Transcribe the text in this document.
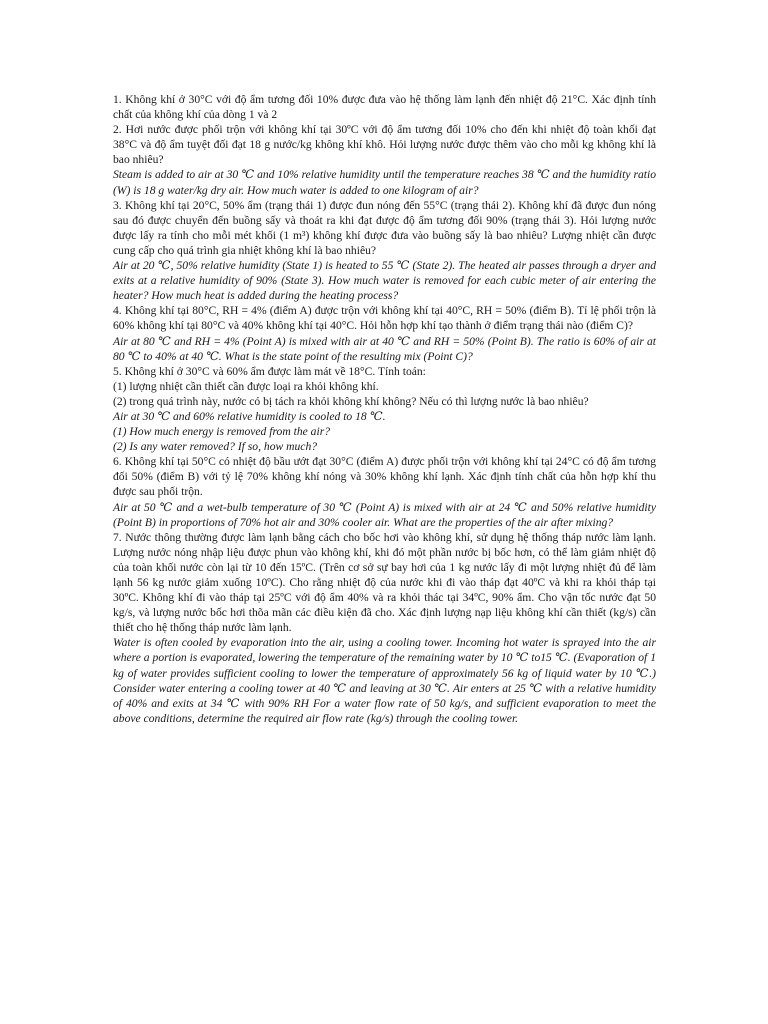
1. Không khí ở 30°C với độ ẩm tương đối 10% được đưa vào hệ thống làm lạnh đến nhiệt độ 21°C. Xác định tính chất của không khí của dòng 1 và 2

2. Hơi nước được phối trộn với không khí tại 30ºC với độ ẩm tương đối 10% cho đến khi nhiệt độ toàn khối đạt 38°C và độ ẩm tuyệt đối đạt 18 g nước/kg không khí khô. Hỏi lượng nước được thêm vào cho mỗi kg không khí là bao nhiêu?

Steam is added to air at 30 ℃ and 10% relative humidity until the temperature reaches 38 ℃ and the humidity ratio (W) is 18 g water/kg dry air. How much water is added to one kilogram of air?

3. Không khí tại 20°C, 50% ẩm (trạng thái 1) được đun nóng đến 55°C (trạng thái 2). Không khí đã được đun nóng sau đó được chuyển đến buồng sấy và thoát ra khi đạt được độ ẩm tương đối 90% (trạng thái 3). Hỏi lượng nước được lấy ra tính cho mỗi mét khối (1 m³) không khí được đưa vào buồng sấy là bao nhiêu? Lượng nhiệt cần được cung cấp cho quá trình gia nhiệt không khí là bao nhiêu?

Air at 20 ℃, 50% relative humidity (State 1) is heated to 55 ℃ (State 2). The heated air passes through a dryer and exits at a relative humidity of 90% (State 3). How much water is removed for each cubic meter of air entering the heater? How much heat is added during the heating process?

4. Không khí tại 80°C, RH = 4% (điểm A) được trộn với không khí tại 40°C, RH = 50% (điểm B). Tỉ lệ phối trộn là 60% không khí tại 80°C và 40% không khí tại 40°C. Hỏi hỗn hợp khí tạo thành ở điểm trạng thái nào (điểm C)?

Air at 80 ℃ and RH = 4% (Point A) is mixed with air at 40 ℃ and RH = 50% (Point B). The ratio is 60% of air at 80 ℃ to 40% at 40 ℃. What is the state point of the resulting mix (Point C)?

5. Không khí ở 30°C và 60% ẩm được làm mát về 18°C. Tính toán:

(1) lượng nhiệt cần thiết cần được loại ra khỏi không khí.

(2) trong quá trình này, nước có bị tách ra khỏi không khí không? Nếu có thì lượng nước là bao nhiêu?

Air at 30 ℃ and 60% relative humidity is cooled to 18 ℃.

(1) How much energy is removed from the air?

(2) Is any water removed? If so, how much?

6. Không khí tại 50°C có nhiệt độ bầu ướt đạt 30°C (điểm A) được phối trộn với không khí tại 24°C có độ ẩm tương đối 50% (điểm B) với tỷ lệ 70% không khí nóng và 30% không khí lạnh. Xác định tính chất của hỗn hợp khí thu được sau phối trộn.

Air at 50 ℃ and a wet-bulb temperature of 30 ℃ (Point A) is mixed with air at 24 ℃ and 50% relative humidity (Point B) in proportions of 70% hot air and 30% cooler air. What are the properties of the air after mixing?

7. Nước thông thường được làm lạnh bằng cách cho bốc hơi vào không khí, sử dụng hệ thống tháp nước làm lạnh. Lượng nước nóng nhập liệu được phun vào không khí, khi đó một phần nước bị bốc hơn, có thể làm giảm nhiệt độ của toàn khối nước còn lại từ 10 đến 15ºC. (Trên cơ sở sự bay hơi của 1 kg nước lấy đi một lượng nhiệt đủ để làm lạnh 56 kg nước giảm xuống 10ºC). Cho rằng nhiệt độ của nước khi đi vào tháp đạt 40ºC và khi ra khỏi tháp tại 30ºC. Không khí đi vào tháp tại 25ºC với độ ẩm 40% và ra khỏi thác tại 34ºC, 90% ẩm. Cho vận tốc nước đạt 50 kg/s, và lượng nước bốc hơi thõa mãn các điều kiện đã cho. Xác định lượng nạp liệu không khí cần thiết (kg/s) cần thiết cho hệ thống tháp nước làm lạnh.

Water is often cooled by evaporation into the air, using a cooling tower. Incoming hot water is sprayed into the air where a portion is evaporated, lowering the temperature of the remaining water by 10 ℃ to15 ℃. (Evaporation of 1 kg of water provides sufficient cooling to lower the temperature of approximately 56 kg of liquid water by 10 ℃.) Consider water entering a cooling tower at 40 ℃ and leaving at 30 ℃. Air enters at 25 ℃ with a relative humidity of 40% and exits at 34 ℃ with 90% RH For a water flow rate of 50 kg/s, and sufficient evaporation to meet the above conditions, determine the required air flow rate (kg/s) through the cooling tower.
